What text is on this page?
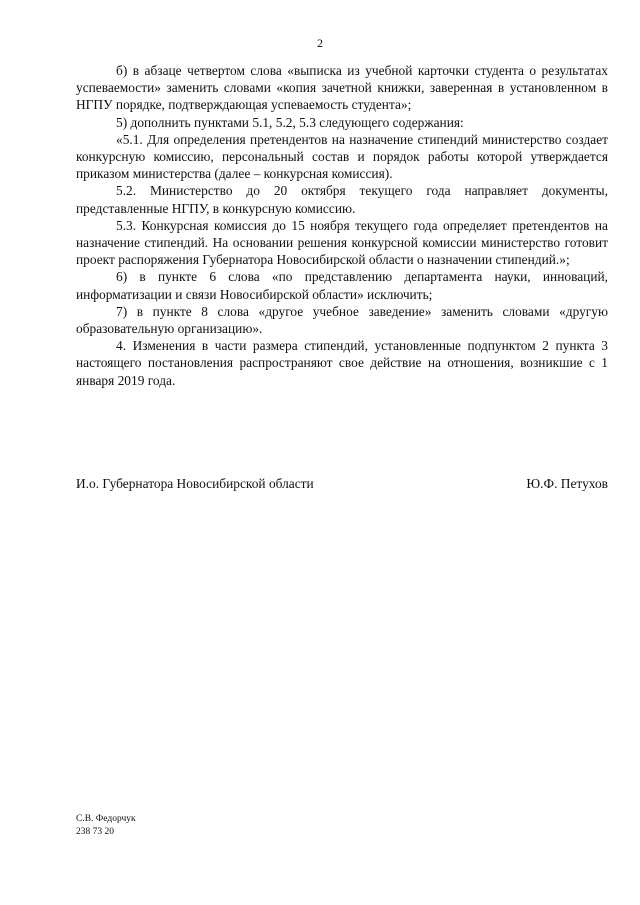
2

б) в абзаце четвертом слова «выписка из учебной карточки студента о результатах успеваемости» заменить словами «копия зачетной книжки, заверенная в установленном в НГПУ порядке, подтверждающая успеваемость студента»;

5) дополнить пунктами 5.1, 5.2, 5.3 следующего содержания:

«5.1. Для определения претендентов на назначение стипендий министерство создает конкурсную комиссию, персональный состав и порядок работы которой утверждается приказом министерства (далее – конкурсная комиссия).

5.2. Министерство до 20 октября текущего года направляет документы, представленные НГПУ, в конкурсную комиссию.

5.3. Конкурсная комиссия до 15 ноября текущего года определяет претендентов на назначение стипендий. На основании решения конкурсной комиссии министерство готовит проект распоряжения Губернатора Новосибирской области о назначении стипендий.»;

6) в пункте 6 слова «по представлению департамента науки, инноваций, информатизации и связи Новосибирской области» исключить;

7) в пункте 8 слова «другое учебное заведение» заменить словами «другую образовательную организацию».

4. Изменения в части размера стипендий, установленные подпунктом 2 пункта 3 настоящего постановления распространяют свое действие на отношения, возникшие с 1 января 2019 года.

И.о. Губернатора Новосибирской области	Ю.Ф. Петухов
С.В. Федорчук
238 73 20
